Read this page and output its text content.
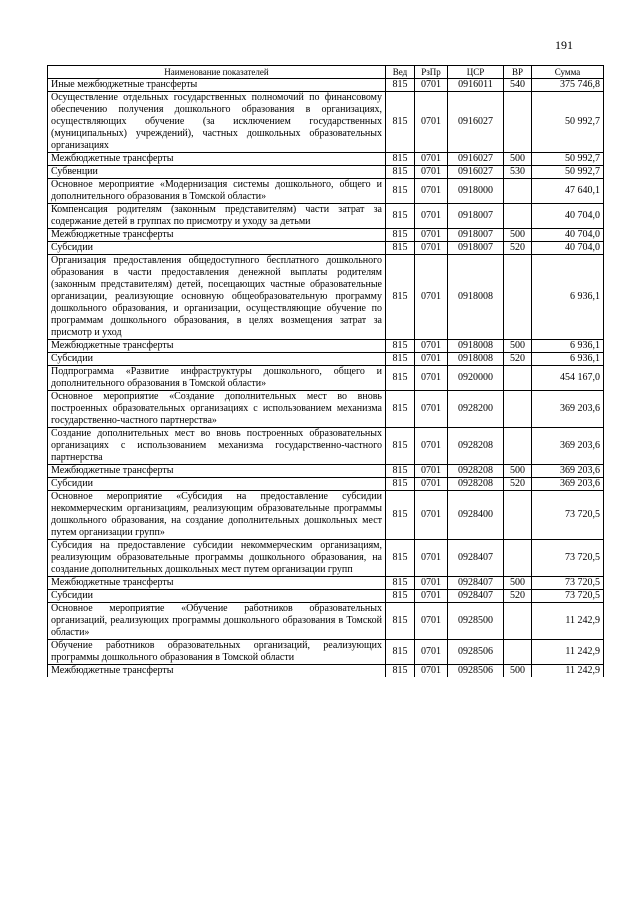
191
Наименование показателей	Вед	РзПр	ЦСР	ВР	Сумма
Иные межбюджетные трансферты	815	0701	0916011	540	375 746,8
Осуществление отдельных государственных полномочий по финансовому обеспечению получения дошкольного образования в организациях, осуществляющих обучение (за исключением государственных (муниципальных) учреждений), частных дошкольных образовательных организациях	815	0701	0916027		50 992,7
Межбюджетные трансферты	815	0701	0916027	500	50 992,7
Субвенции	815	0701	0916027	530	50 992,7
Основное мероприятие «Модернизация системы дошкольного, общего и дополнительного образования в Томской области»	815	0701	0918000		47 640,1
Компенсация родителям (законным представителям) части затрат за содержание детей в группах по присмотру и уходу за детьми	815	0701	0918007		40 704,0
Межбюджетные трансферты	815	0701	0918007	500	40 704,0
Субсидии	815	0701	0918007	520	40 704,0
Организация предоставления общедоступного бесплатного дошкольного образования в части предоставления денежной выплаты родителям (законным представителям) детей, посещающих частные образовательные организации, реализующие основную общеобразовательную программу дошкольного образования, и организации, осуществляющие обучение по программам дошкольного образования, в целях возмещения затрат за присмотр и уход	815	0701	0918008		6 936,1
Межбюджетные трансферты	815	0701	0918008	500	6 936,1
Субсидии	815	0701	0918008	520	6 936,1
Подпрограмма «Развитие инфраструктуры дошкольного, общего и дополнительного образования в Томской области»	815	0701	0920000		454 167,0
Основное мероприятие «Создание дополнительных мест во вновь построенных образовательных организациях с использованием механизма государственно-частного партнерства»	815	0701	0928200		369 203,6
Создание дополнительных мест во вновь построенных образовательных организациях с использованием механизма государственно-частного партнерства	815	0701	0928208		369 203,6
Межбюджетные трансферты	815	0701	0928208	500	369 203,6
Субсидии	815	0701	0928208	520	369 203,6
Основное мероприятие «Субсидия на предоставление субсидии некоммерческим организациям, реализующим образовательные программы дошкольного образования, на создание дополнительных дошкольных мест путем организации групп»	815	0701	0928400		73 720,5
Субсидия на предоставление субсидии некоммерческим организациям, реализующим образовательные программы дошкольного образования, на создание дополнительных дошкольных мест путем организации групп	815	0701	0928407		73 720,5
Межбюджетные трансферты	815	0701	0928407	500	73 720,5
Субсидии	815	0701	0928407	520	73 720,5
Основное мероприятие «Обучение работников образовательных организаций, реализующих программы дошкольного образования в Томской области»	815	0701	0928500		11 242,9
Обучение работников образовательных организаций, реализующих программы дошкольного образования в Томской области	815	0701	0928506		11 242,9
Межбюджетные трансферты	815	0701	0928506	500	11 242,9
